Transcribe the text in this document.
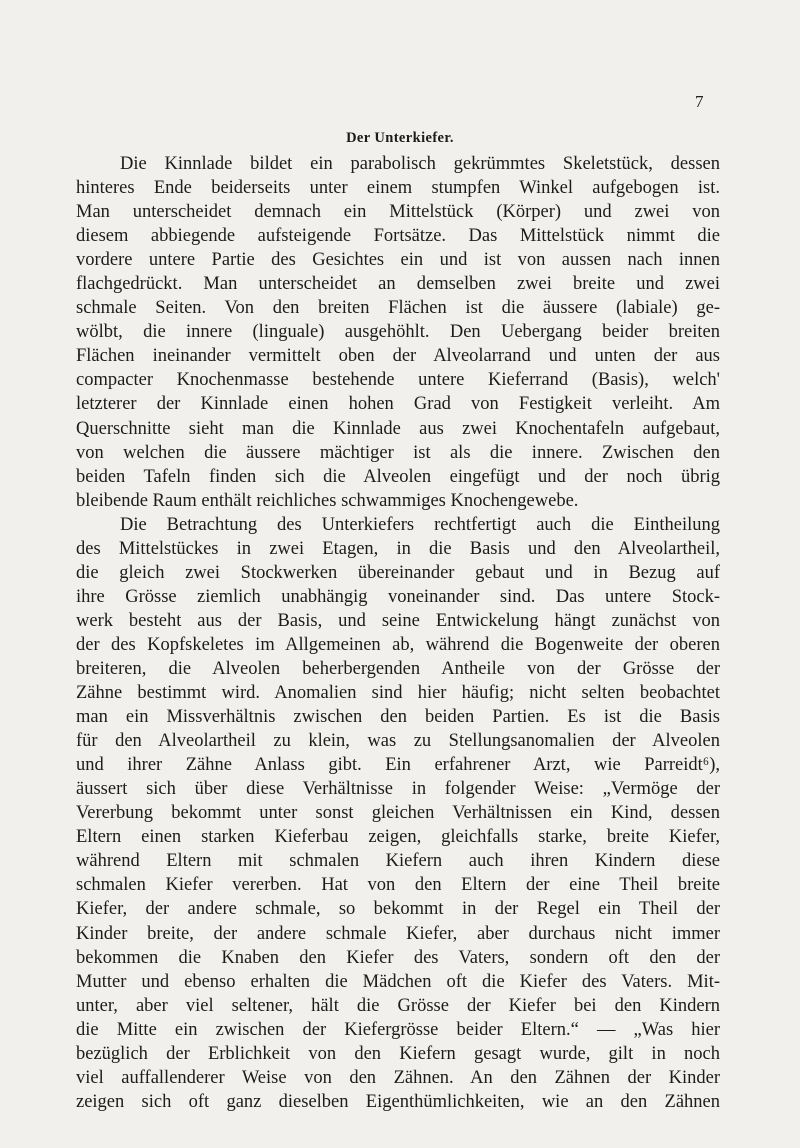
7
Der Unterkiefer.
Die Kinnlade bildet ein parabolisch gekrümmtes Skeletstück, dessen
hinteres Ende beiderseits unter einem stumpfen Winkel aufgebogen ist.
Man unterscheidet demnach ein Mittelstück (Körper) und zwei von
diesem abbiegende aufsteigende Fortsätze. Das Mittelstück nimmt die
vordere untere Partie des Gesichtes ein und ist von aussen nach innen
flachgedrückt. Man unterscheidet an demselben zwei breite und zwei
schmale Seiten. Von den breiten Flächen ist die äussere (labiale) ge-
wölbt, die innere (linguale) ausgehöhlt. Den Uebergang beider breiten
Flächen ineinander vermittelt oben der Alveolarrand und unten der aus
compacter Knochenmasse bestehende untere Kieferrand (Basis), welch'
letzterer der Kinnlade einen hohen Grad von Festigkeit verleiht. Am
Querschnitte sieht man die Kinnlade aus zwei Knochentafeln aufgebaut,
von welchen die äussere mächtiger ist als die innere. Zwischen den
beiden Tafeln finden sich die Alveolen eingefügt und der noch übrig
bleibende Raum enthält reichliches schwammiges Knochengewebe.
Die Betrachtung des Unterkiefers rechtfertigt auch die Eintheilung
des Mittelstückes in zwei Etagen, in die Basis und den Alveolartheil,
die gleich zwei Stockwerken übereinander gebaut und in Bezug auf
ihre Grösse ziemlich unabhängig voneinander sind. Das untere Stock-
werk besteht aus der Basis, und seine Entwickelung hängt zunächst von
der des Kopfskeletes im Allgemeinen ab, während die Bogenweite der oberen
breiteren, die Alveolen beherbergenden Antheile von der Grösse der
Zähne bestimmt wird. Anomalien sind hier häufig; nicht selten beobachtet
man ein Missverhältnis zwischen den beiden Partien. Es ist die Basis
für den Alveolartheil zu klein, was zu Stellungsanomalien der Alveolen
und ihrer Zähne Anlass gibt. Ein erfahrener Arzt, wie Parreidt⁶),
äussert sich über diese Verhältnisse in folgender Weise: „Vermöge der
Vererbung bekommt unter sonst gleichen Verhältnissen ein Kind, dessen
Eltern einen starken Kieferbau zeigen, gleichfalls starke, breite Kiefer,
während Eltern mit schmalen Kiefern auch ihren Kindern diese
schmalen Kiefer vererben. Hat von den Eltern der eine Theil breite
Kiefer, der andere schmale, so bekommt in der Regel ein Theil der
Kinder breite, der andere schmale Kiefer, aber durchaus nicht immer
bekommen die Knaben den Kiefer des Vaters, sondern oft den der
Mutter und ebenso erhalten die Mädchen oft die Kiefer des Vaters. Mit-
unter, aber viel seltener, hält die Grösse der Kiefer bei den Kindern
die Mitte ein zwischen der Kiefergrösse beider Eltern.“ — „Was hier
bezüglich der Erblichkeit von den Kiefern gesagt wurde, gilt in noch
viel auffallenderer Weise von den Zähnen. An den Zähnen der Kinder
zeigen sich oft ganz dieselben Eigenthümlichkeiten, wie an den Zähnen
